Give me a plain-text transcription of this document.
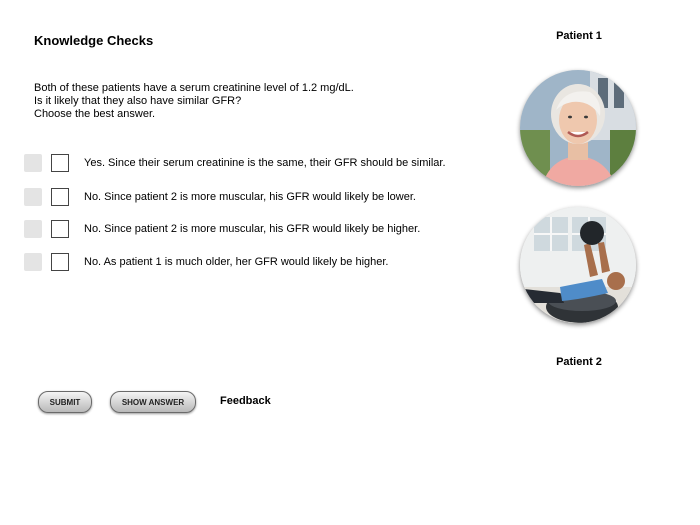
Knowledge Checks
Both of these patients have a serum creatinine level of 1.2 mg/dL.
Is it likely that they also have similar GFR?
Choose the best answer.
Yes. Since their serum creatinine is the same, their GFR should be similar.
No. Since patient 2 is more muscular, his GFR would likely be lower.
No. Since patient 2 is more muscular, his GFR would likely be higher.
No. As patient 1 is much older, her GFR would likely be higher.
Patient 1
Patient 2
SUBMIT	SHOW ANSWER	Feedback
